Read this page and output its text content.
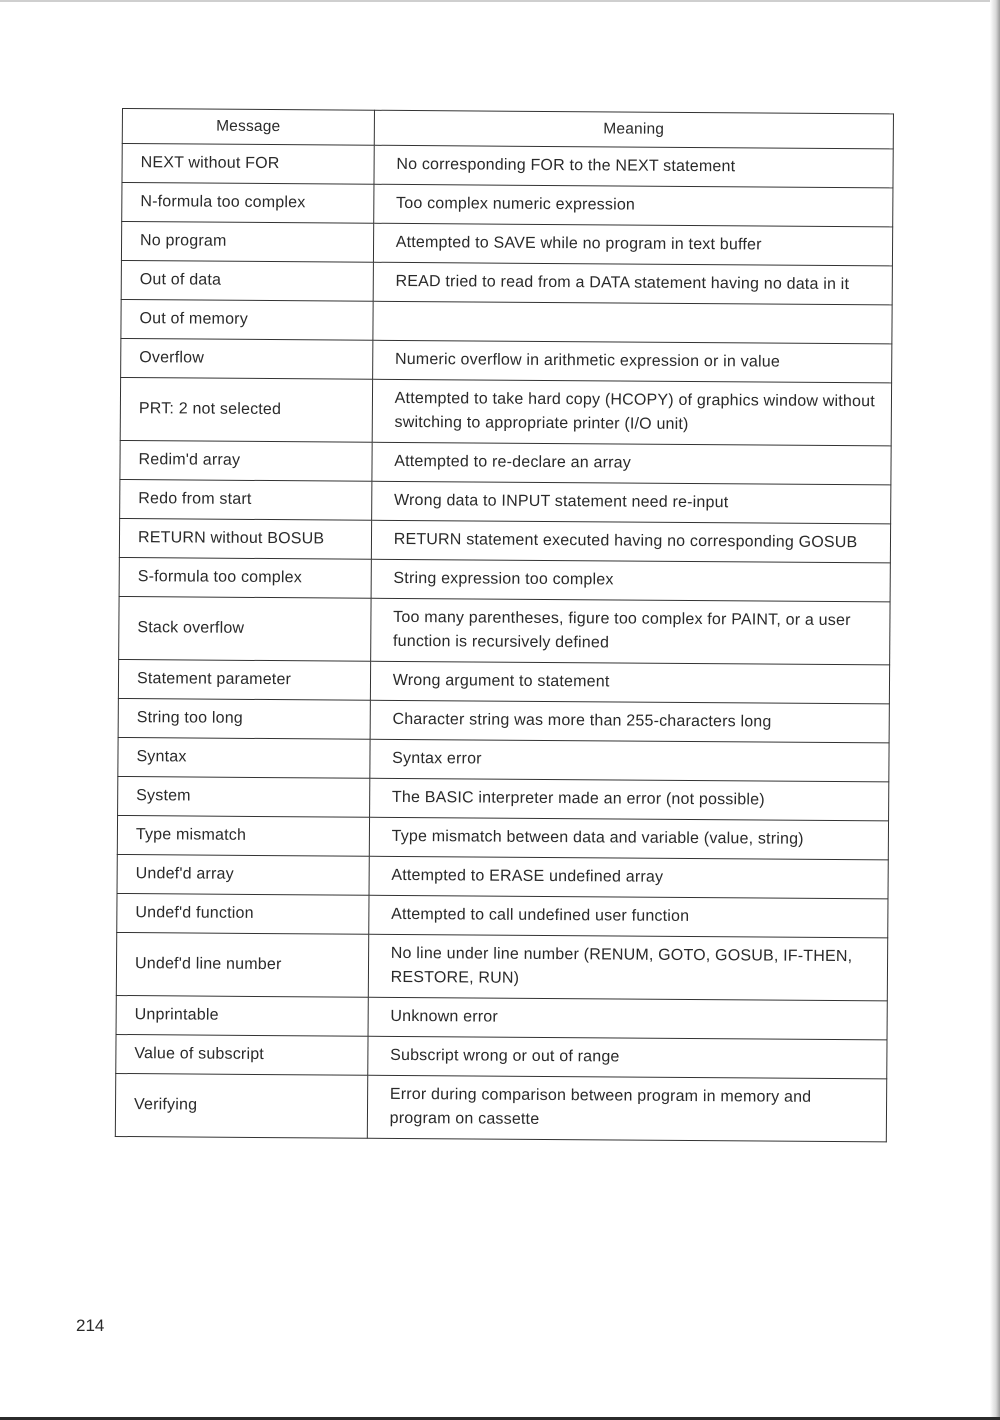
Message	Meaning
NEXT without FOR	No corresponding FOR to the NEXT statement
N-formula too complex	Too complex numeric expression
No program	Attempted to SAVE while no program in text buffer
Out of data	READ tried to read from a DATA statement having no data in it
Out of memory	
Overflow	Numeric overflow in arithmetic expression or in value
PRT: 2 not selected	Attempted to take hard copy (HCOPY) of graphics window without switching to appropriate printer (I/O unit)
Redim'd array	Attempted to re-declare an array
Redo from start	Wrong data to INPUT statement need re-input
RETURN without BOSUB	RETURN statement executed having no corresponding GOSUB
S-formula too complex	String expression too complex
Stack overflow	Too many parentheses, figure too complex for PAINT, or a user function is recursively defined
Statement parameter	Wrong argument to statement
String too long	Character string was more than 255-characters long
Syntax	Syntax error
System	The BASIC interpreter made an error (not possible)
Type mismatch	Type mismatch between data and variable (value, string)
Undef'd array	Attempted to ERASE undefined array
Undef'd function	Attempted to call undefined user function
Undef'd line number	No line under line number (RENUM, GOTO, GOSUB, IF-THEN, RESTORE, RUN)
Unprintable	Unknown error
Value of subscript	Subscript wrong or out of range
Verifying	Error during comparison between program in memory and program on cassette
214
